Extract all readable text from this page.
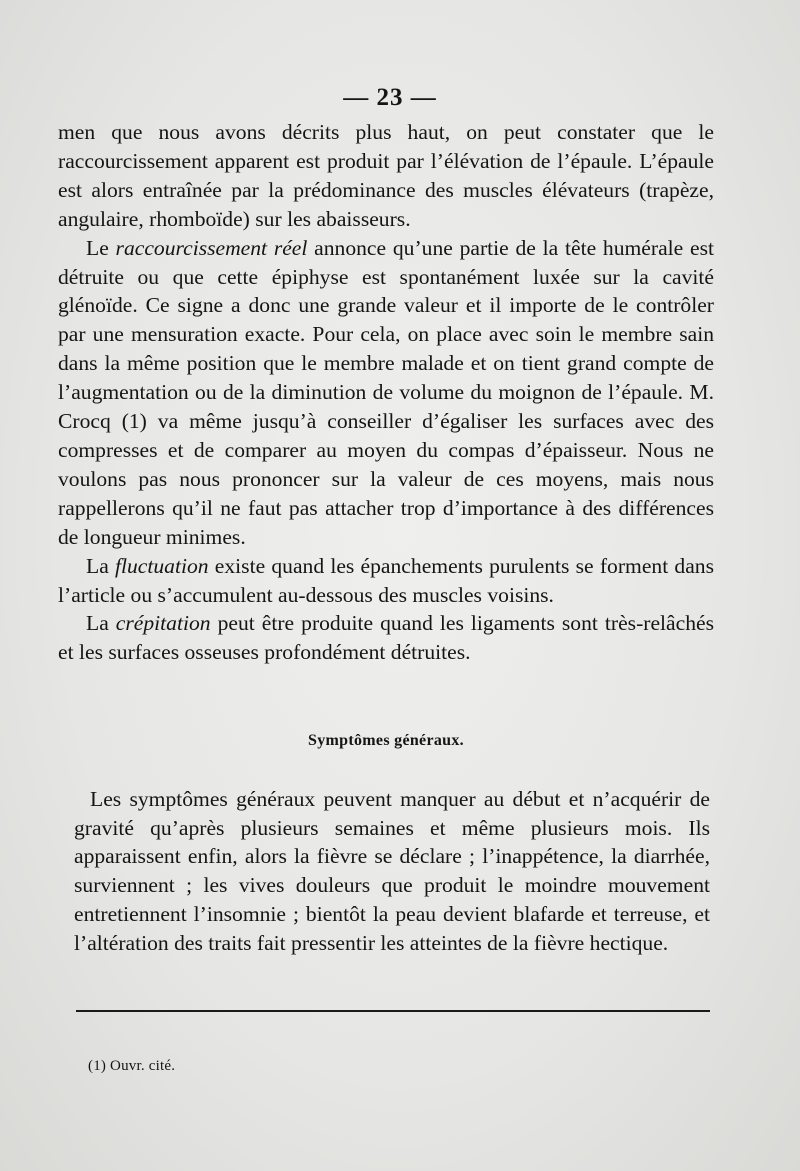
— 23 —

men que nous avons décrits plus haut, on peut constater que le raccourcissement apparent est produit par l’élévation de l’épaule. L’épaule est alors entraînée par la prédominance des muscles élévateurs (trapèze, angulaire, rhomboïde) sur les abaisseurs.

Le raccourcissement réel annonce qu’une partie de la tête humérale est détruite ou que cette épiphyse est spontanément luxée sur la cavité glénoïde. Ce signe a donc une grande valeur et il importe de le contrôler par une mensuration exacte. Pour cela, on place avec soin le membre sain dans la même position que le membre malade et on tient grand compte de l’augmentation ou de la diminution de volume du moignon de l’épaule. M. Crocq (1) va même jusqu’à conseiller d’égaliser les surfaces avec des compresses et de comparer au moyen du compas d’épaisseur. Nous ne voulons pas nous prononcer sur la valeur de ces moyens, mais nous rappellerons qu’il ne faut pas attacher trop d’importance à des différences de longueur minimes.

La fluctuation existe quand les épanchements purulents se forment dans l’article ou s’accumulent au-dessous des muscles voisins.

La crépitation peut être produite quand les ligaments sont très-relâchés et les surfaces osseuses profondément détruites.

Symptômes généraux.

Les symptômes généraux peuvent manquer au début et n’acquérir de gravité qu’après plusieurs semaines et même plusieurs mois. Ils apparaissent enfin, alors la fièvre se déclare ; l’inappétence, la diarrhée, surviennent ; les vives douleurs que produit le moindre mouvement entretiennent l’insomnie ; bientôt la peau devient blafarde et terreuse, et l’altération des traits fait pressentir les atteintes de la fièvre hectique.

(1) Ouvr. cité.
